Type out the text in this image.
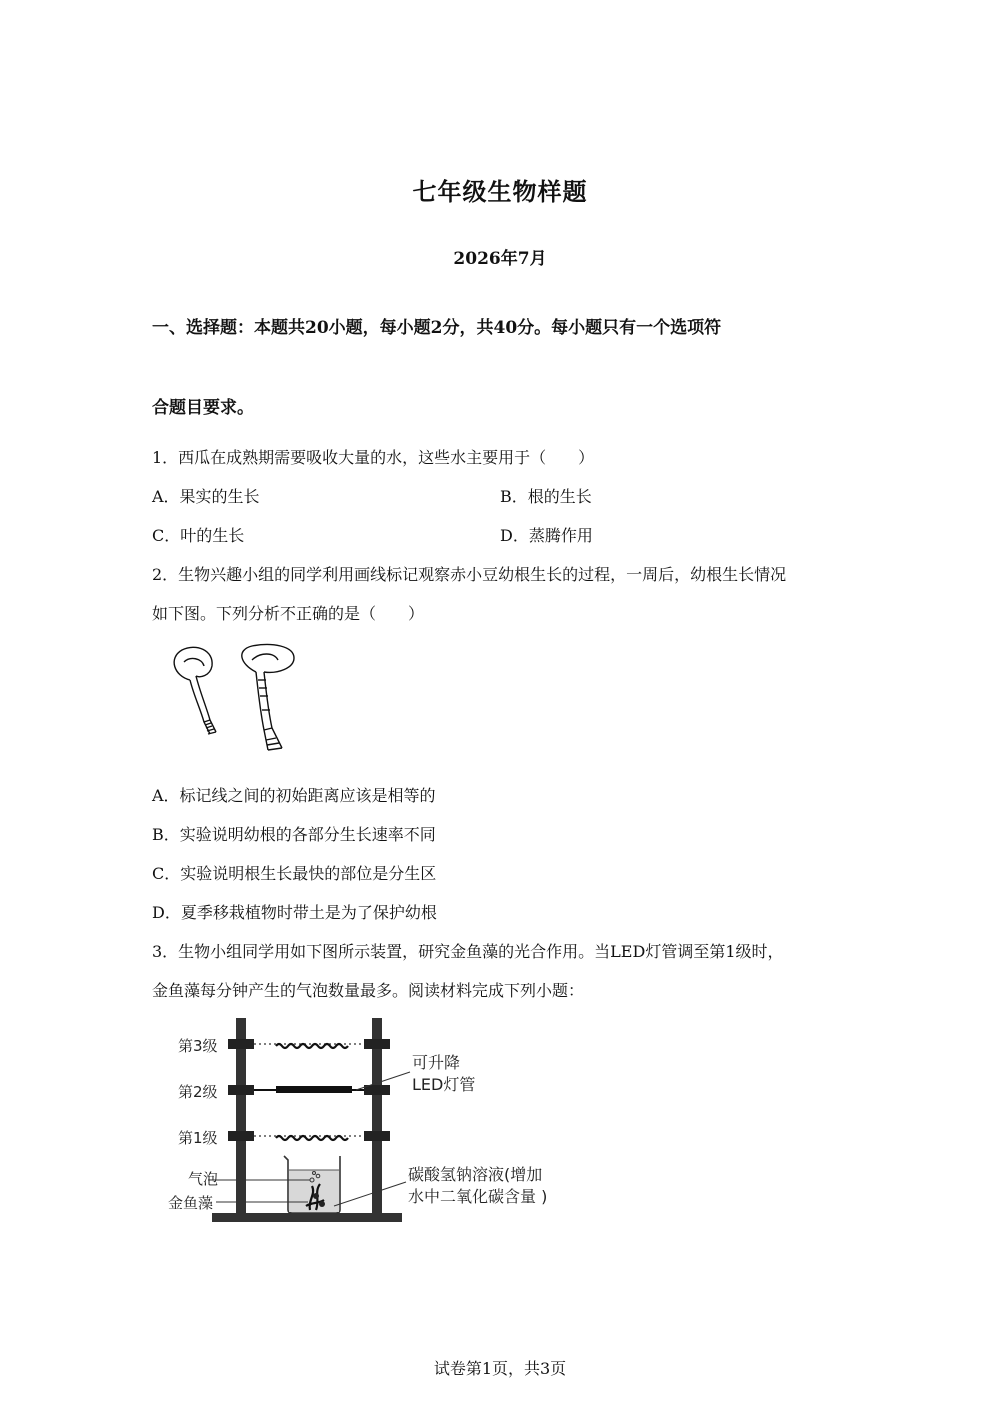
七年级生物样题
2026年7月
一、选择题：本题共20小题，每小题2分，共40分。每小题只有一个选项符
合题目要求。
1．西瓜在成熟期需要吸收大量的水，这些水主要用于（　　）
A．果实的生长	B．根的生长
C．叶的生长	D．蒸腾作用
2．生物兴趣小组的同学利用画线标记观察赤小豆幼根生长的过程，一周后，幼根生长情况
如下图。下列分析不正确的是（　　）
A．标记线之间的初始距离应该是相等的
B．实验说明幼根的各部分生长速率不同
C．实验说明根生长最快的部位是分生区
D．夏季移栽植物时带土是为了保护幼根
3．生物小组同学用如下图所示装置，研究金鱼藻的光合作用。当LED灯管调至第1级时，
金鱼藻每分钟产生的气泡数量最多。阅读材料完成下列小题：
第3级
第2级
第1级
气泡
金鱼藻
可升降
LED灯管
碳酸氢钠溶液(增加
水中二氧化碳含量 )
试卷第1页，共3页
